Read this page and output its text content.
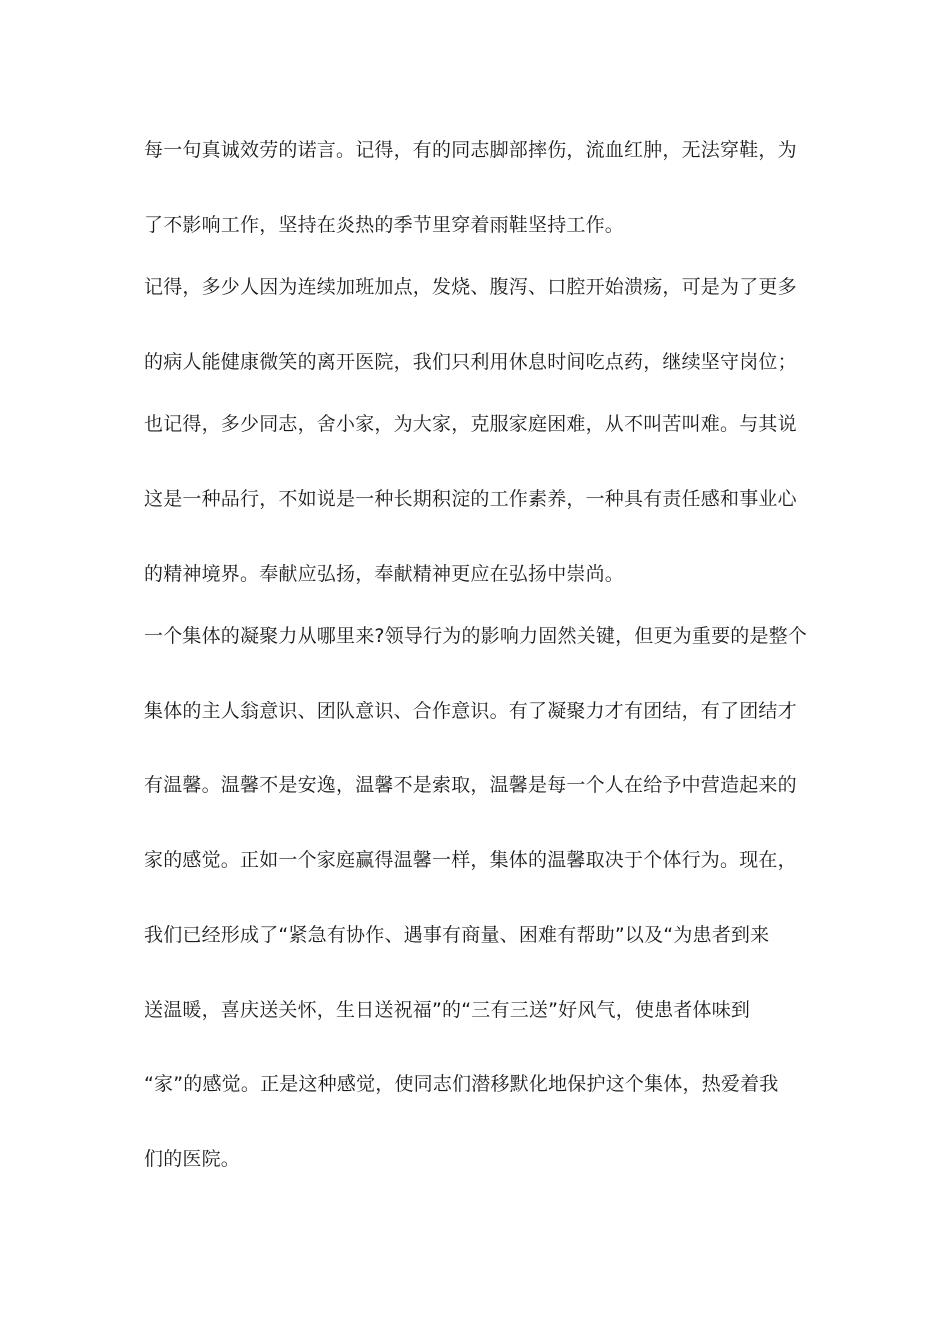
每一句真诚效劳的诺言。记得，有的同志脚部摔伤，流血红肿，无法穿鞋，为
了不影响工作，坚持在炎热的季节里穿着雨鞋坚持工作。
记得，多少人因为连续加班加点，发烧、腹泻、口腔开始溃疡，可是为了更多
的病人能健康微笑的离开医院，我们只利用休息时间吃点药，继续坚守岗位；
也记得，多少同志，舍小家，为大家，克服家庭困难，从不叫苦叫难。与其说
这是一种品行，不如说是一种长期积淀的工作素养，一种具有责任感和事业心
的精神境界。奉献应弘扬，奉献精神更应在弘扬中崇尚。
一个集体的凝聚力从哪里来?领导行为的影响力固然关键，但更为重要的是整个
集体的主人翁意识、团队意识、合作意识。有了凝聚力才有团结，有了团结才
有温馨。温馨不是安逸，温馨不是索取，温馨是每一个人在给予中营造起来的
家的感觉。正如一个家庭赢得温馨一样，集体的温馨取决于个体行为。现在，
我们已经形成了“紧急有协作、遇事有商量、困难有帮助”以及“为患者到来
送温暖，喜庆送关怀，生日送祝福”的“三有三送”好风气，使患者体味到
“家”的感觉。正是这种感觉，使同志们潜移默化地保护这个集体，热爱着我
们的医院。
